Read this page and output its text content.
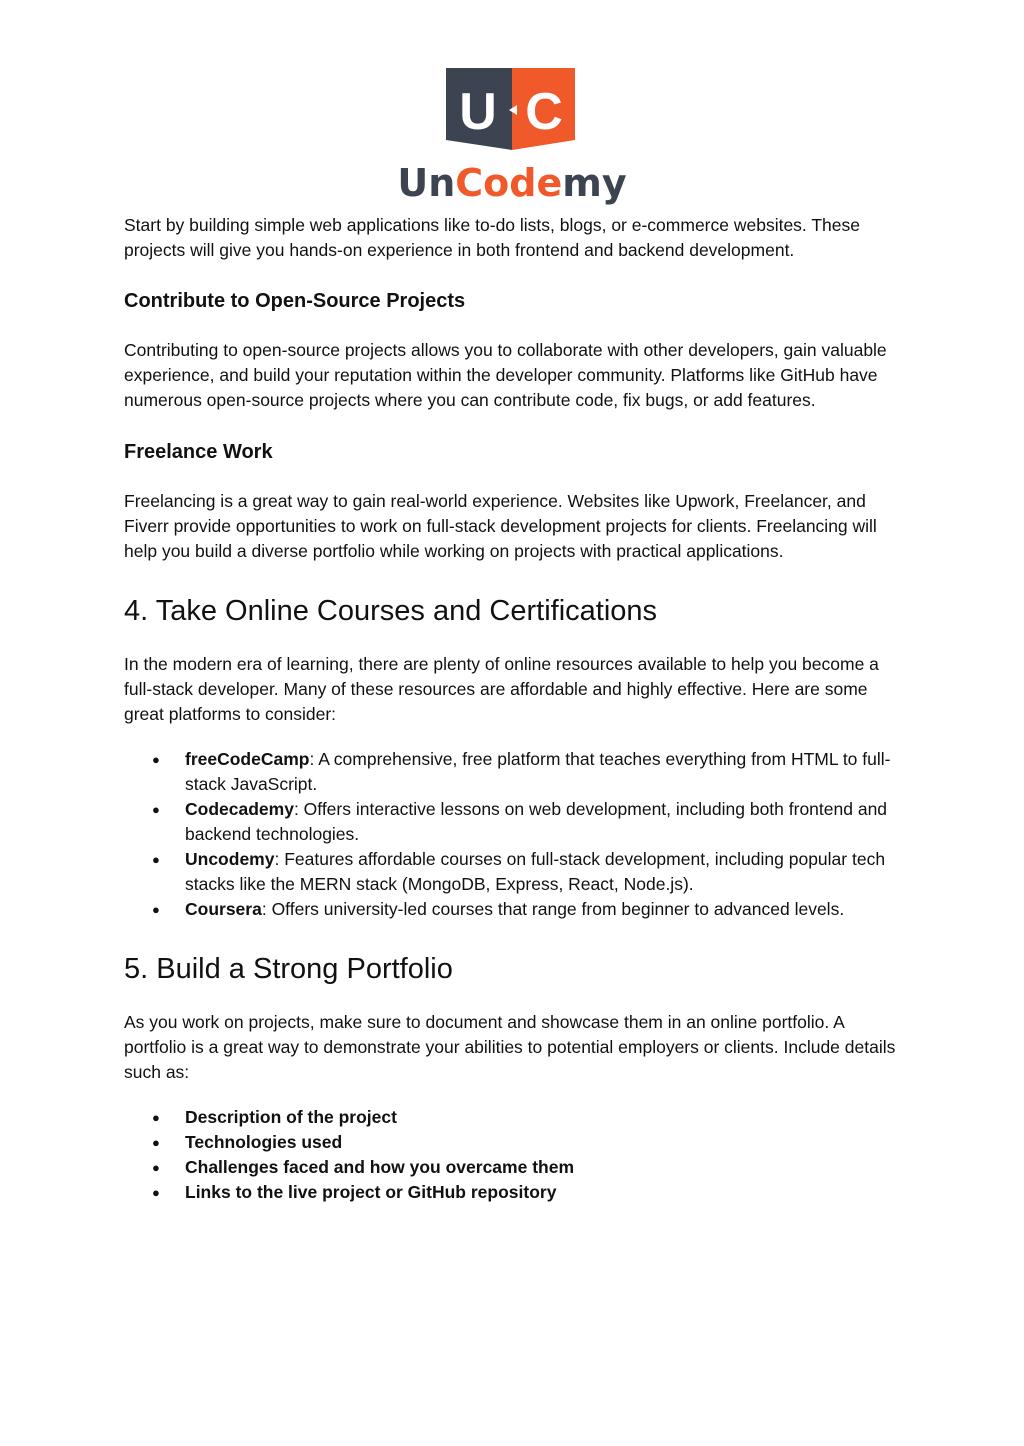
U C
UnCodemy

Start by building simple web applications like to-do lists, blogs, or e-commerce websites. These projects will give you hands-on experience in both frontend and backend development.

Contribute to Open-Source Projects

Contributing to open-source projects allows you to collaborate with other developers, gain valuable experience, and build your reputation within the developer community. Platforms like GitHub have numerous open-source projects where you can contribute code, fix bugs, or add features.

Freelance Work

Freelancing is a great way to gain real-world experience. Websites like Upwork, Freelancer, and Fiverr provide opportunities to work on full-stack development projects for clients. Freelancing will help you build a diverse portfolio while working on projects with practical applications.

4. Take Online Courses and Certifications

In the modern era of learning, there are plenty of online resources available to help you become a full-stack developer. Many of these resources are affordable and highly effective. Here are some great platforms to consider:

● freeCodeCamp: A comprehensive, free platform that teaches everything from HTML to full-stack JavaScript.
● Codecademy: Offers interactive lessons on web development, including both frontend and backend technologies.
● Uncodemy: Features affordable courses on full-stack development, including popular tech stacks like the MERN stack (MongoDB, Express, React, Node.js).
● Coursera: Offers university-led courses that range from beginner to advanced levels.
5. Build a Strong Portfolio

As you work on projects, make sure to document and showcase them in an online portfolio. A portfolio is a great way to demonstrate your abilities to potential employers or clients. Include details such as:

● Description of the project
● Technologies used
● Challenges faced and how you overcame them
● Links to the live project or GitHub repository
